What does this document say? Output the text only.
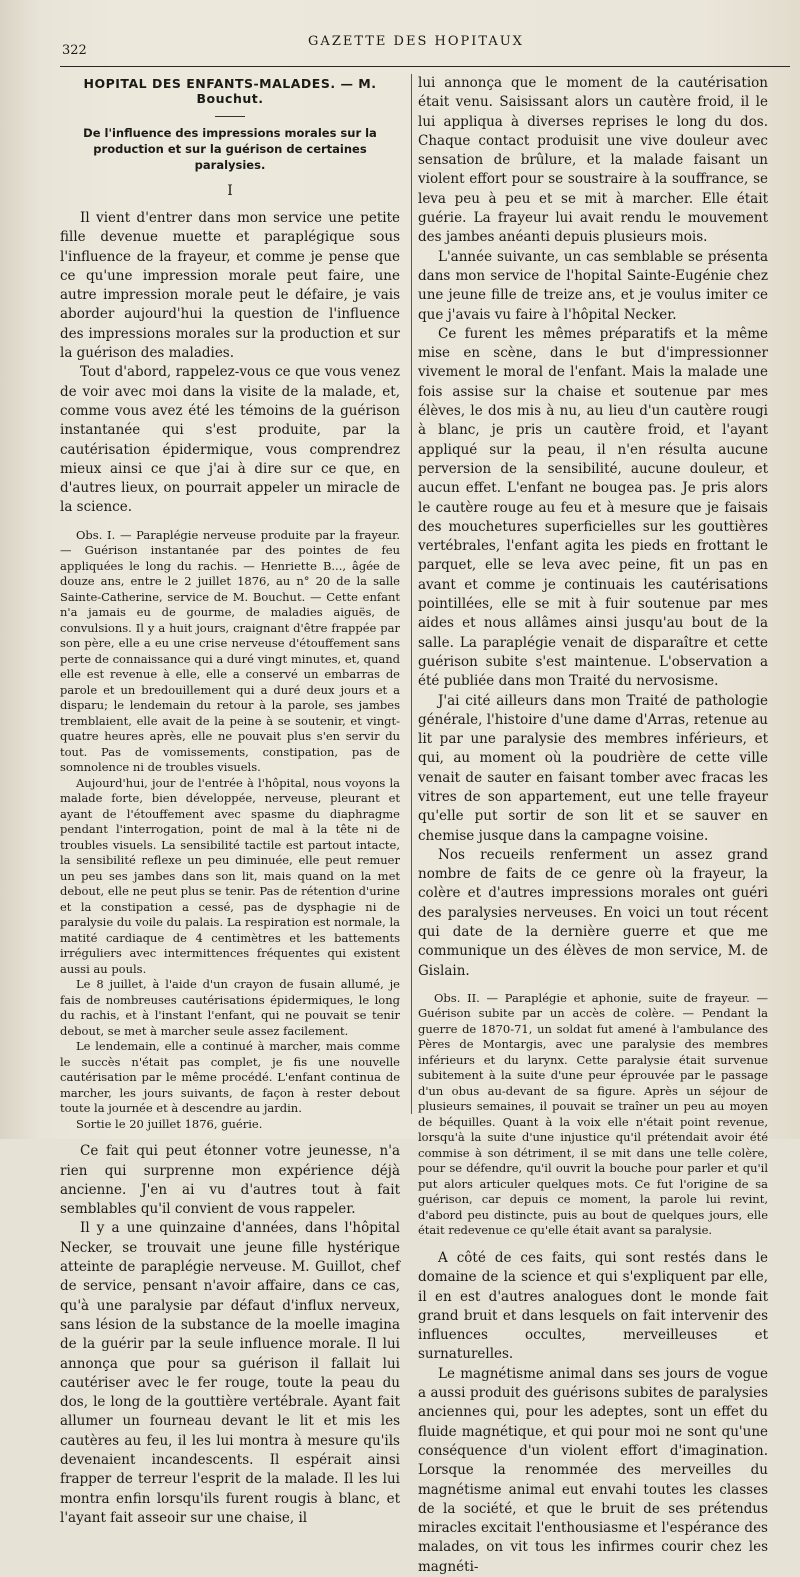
322
GAZETTE DES HOPITAUX
HOPITAL DES ENFANTS-MALADES. — M. Bouchut.
De l'influence des impressions morales sur la production et sur la guérison de certaines paralysies.
I

Il vient d'entrer dans mon service une petite fille devenue muette et paraplégique sous l'influence de la frayeur, et comme je pense que ce qu'une impression morale peut faire, une autre impression morale peut le défaire, je vais aborder aujourd'hui la question de l'influence des impressions morales sur la production et sur la guérison des maladies.

Tout d'abord, rappelez-vous ce que vous venez de voir avec moi dans la visite de la malade, et, comme vous avez été les témoins de la guérison instantanée qui s'est produite, par la cautérisation épidermique, vous comprendrez mieux ainsi ce que j'ai à dire sur ce que, en d'autres lieux, on pourrait appeler un miracle de la science.

Obs. I. — Paraplégie nerveuse produite par la frayeur. — Guérison instantanée par des pointes de feu appliquées le long du rachis. — Henriette B..., âgée de douze ans, entre le 2 juillet 1876, au n° 20 de la salle Sainte-Catherine, service de M. Bouchut. — Cette enfant n'a jamais eu de gourme, de maladies aiguës, de convulsions. Il y a huit jours, craignant d'être frappée par son père, elle a eu une crise nerveuse d'étouffement sans perte de connaissance qui a duré vingt minutes, et, quand elle est revenue à elle, elle a conservé un embarras de parole et un bredouillement qui a duré deux jours et a disparu; le lendemain du retour à la parole, ses jambes tremblaient, elle avait de la peine à se soutenir, et vingt-quatre heures après, elle ne pouvait plus s'en servir du tout. Pas de vomissements, constipation, pas de somnolence ni de troubles visuels.

Aujourd'hui, jour de l'entrée à l'hôpital, nous voyons la malade forte, bien développée, nerveuse, pleurant et ayant de l'étouffement avec spasme du diaphragme pendant l'interrogation, point de mal à la tête ni de troubles visuels. La sensibilité tactile est partout intacte, la sensibilité reflexe un peu diminuée, elle peut remuer un peu ses jambes dans son lit, mais quand on la met debout, elle ne peut plus se tenir. Pas de rétention d'urine et la constipation a cessé, pas de dysphagie ni de paralysie du voile du palais. La respiration est normale, la matité cardiaque de 4 centimètres et les battements irréguliers avec intermittences fréquentes qui existent aussi au pouls.

Le 8 juillet, à l'aide d'un crayon de fusain allumé, je fais de nombreuses cautérisations épidermiques, le long du rachis, et à l'instant l'enfant, qui ne pouvait se tenir debout, se met à marcher seule assez facilement.

Le lendemain, elle a continué à marcher, mais comme le succès n'était pas complet, je fis une nouvelle cautérisation par le même procédé. L'enfant continua de marcher, les jours suivants, de façon à rester debout toute la journée et à descendre au jardin.

Sortie le 20 juillet 1876, guérie.

Ce fait qui peut étonner votre jeunesse, n'a rien qui surprenne mon expérience déjà ancienne. J'en ai vu d'autres tout à fait semblables qu'il convient de vous rappeler.

Il y a une quinzaine d'années, dans l'hôpital Necker, se trouvait une jeune fille hystérique atteinte de paraplégie nerveuse. M. Guillot, chef de service, pensant n'avoir affaire, dans ce cas, qu'à une paralysie par défaut d'influx nerveux, sans lésion de la substance de la moelle imagina de la guérir par la seule influence morale. Il lui annonça que pour sa guérison il fallait lui cautériser avec le fer rouge, toute la peau du dos, le long de la gouttière vertébrale. Ayant fait allumer un fourneau devant le lit et mis les cautères au feu, il les lui montra à mesure qu'ils devenaient incandescents. Il espérait ainsi frapper de terreur l'esprit de la malade. Il les lui montra enfin lorsqu'ils furent rougis à blanc, et l'ayant fait asseoir sur une chaise, il

lui annonça que le moment de la cautérisation était venu. Saisissant alors un cautère froid, il le lui appliqua à diverses reprises le long du dos. Chaque contact produisit une vive douleur avec sensation de brûlure, et la malade faisant un violent effort pour se soustraire à la souffrance, se leva peu à peu et se mit à marcher. Elle était guérie. La frayeur lui avait rendu le mouvement des jambes anéanti depuis plusieurs mois.

L'année suivante, un cas semblable se présenta dans mon service de l'hopital Sainte-Eugénie chez une jeune fille de treize ans, et je voulus imiter ce que j'avais vu faire à l'hôpital Necker.

Ce furent les mêmes préparatifs et la même mise en scène, dans le but d'impressionner vivement le moral de l'enfant. Mais la malade une fois assise sur la chaise et soutenue par mes élèves, le dos mis à nu, au lieu d'un cautère rougi à blanc, je pris un cautère froid, et l'ayant appliqué sur la peau, il n'en résulta aucune perversion de la sensibilité, aucune douleur, et aucun effet. L'enfant ne bougea pas. Je pris alors le cautère rouge au feu et à mesure que je faisais des mouchetures superficielles sur les gouttières vertébrales, l'enfant agita les pieds en frottant le parquet, elle se leva avec peine, fit un pas en avant et comme je continuais les cautérisations pointillées, elle se mit à fuir soutenue par mes aides et nous allâmes ainsi jusqu'au bout de la salle. La paraplégie venait de disparaître et cette guérison subite s'est maintenue. L'observation a été publiée dans mon Traité du nervosisme.

J'ai cité ailleurs dans mon Traité de pathologie générale, l'histoire d'une dame d'Arras, retenue au lit par une paralysie des membres inférieurs, et qui, au moment où la poudrière de cette ville venait de sauter en faisant tomber avec fracas les vitres de son appartement, eut une telle frayeur qu'elle put sortir de son lit et se sauver en chemise jusque dans la campagne voisine.

Nos recueils renferment un assez grand nombre de faits de ce genre où la frayeur, la colère et d'autres impressions morales ont guéri des paralysies nerveuses. En voici un tout récent qui date de la dernière guerre et que me communique un des élèves de mon service, M. de Gislain.

Obs. II. — Paraplégie et aphonie, suite de frayeur. — Guérison subite par un accès de colère. — Pendant la guerre de 1870-71, un soldat fut amené à l'ambulance des Pères de Montargis, avec une paralysie des membres inférieurs et du larynx. Cette paralysie était survenue subitement à la suite d'une peur éprouvée par le passage d'un obus au-devant de sa figure. Après un séjour de plusieurs semaines, il pouvait se traîner un peu au moyen de béquilles. Quant à la voix elle n'était point revenue, lorsqu'à la suite d'une injustice qu'il prétendait avoir été commise à son détriment, il se mit dans une telle colère, pour se défendre, qu'il ouvrit la bouche pour parler et qu'il put alors articuler quelques mots. Ce fut l'origine de sa guérison, car depuis ce moment, la parole lui revint, d'abord peu distincte, puis au bout de quelques jours, elle était redevenue ce qu'elle était avant sa paralysie.

A côté de ces faits, qui sont restés dans le domaine de la science et qui s'expliquent par elle, il en est d'autres analogues dont le monde fait grand bruit et dans lesquels on fait intervenir des influences occultes, merveilleuses et surnaturelles.

Le magnétisme animal dans ses jours de vogue a aussi produit des guérisons subites de paralysies anciennes qui, pour les adeptes, sont un effet du fluide magnétique, et qui pour moi ne sont qu'une conséquence d'un violent effort d'imagination. Lorsque la renommée des merveilles du magnétisme animal eut envahi toutes les classes de la société, et que le bruit de ses prétendus miracles excitait l'enthousiasme et l'espérance des malades, on vit tous les infirmes courir chez les magnéti-
